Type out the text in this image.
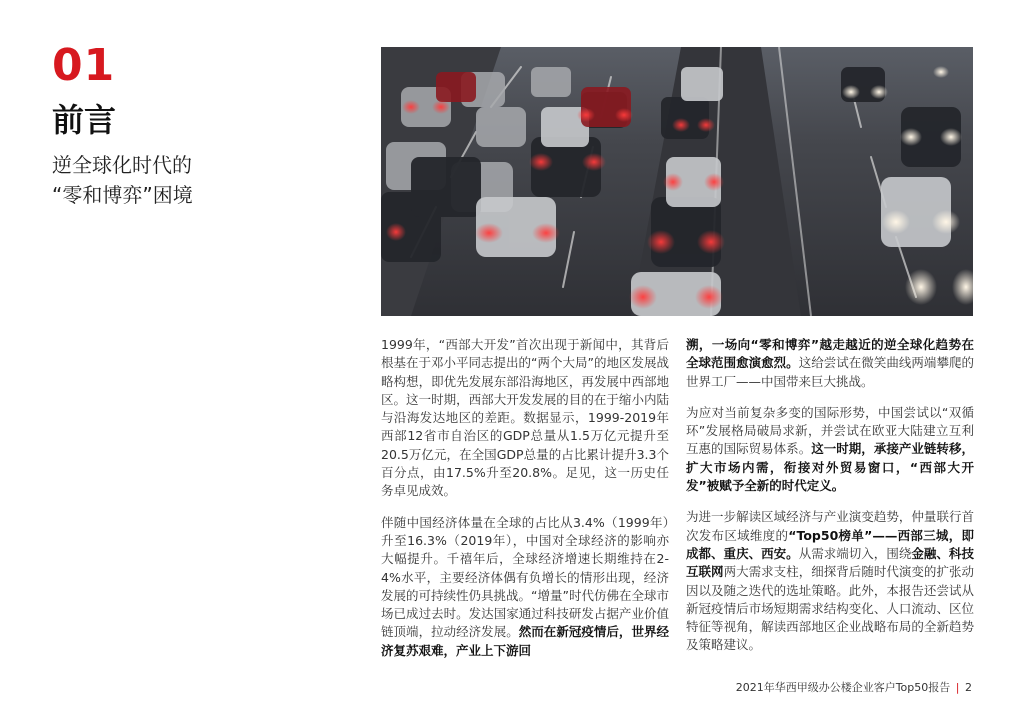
01
前言
逆全球化时代的
“零和博弈”困境

1999年，“西部大开发”首次出现于新闻中，其背后根基在于邓小平同志提出的“两个大局”的地区发展战略构想，即优先发展东部沿海地区，再发展中西部地区。这一时期，西部大开发发展的目的在于缩小内陆与沿海发达地区的差距。数据显示，1999-2019年西部12省市自治区的GDP总量从1.5万亿元提升至20.5万亿元，在全国GDP总量的占比累计提升3.3个百分点，由17.5%升至20.8%。足见，这一历史任务卓见成效。

伴随中国经济体量在全球的占比从3.4%（1999年）升至16.3%（2019年），中国对全球经济的影响亦大幅提升。千禧年后，全球经济增速长期维持在2-4%水平，主要经济体偶有负增长的情形出现，经济发展的可持续性仍具挑战。“增量”时代仿佛在全球市场已成过去时。发达国家通过科技研发占据产业价值链顶端，拉动经济发展。然而在新冠疫情后，世界经济复苏艰难，产业上下游回

溯，一场向“零和博弈”越走越近的逆全球化趋势在全球范围愈演愈烈。这给尝试在微笑曲线两端攀爬的世界工厂——中国带来巨大挑战。

为应对当前复杂多变的国际形势，中国尝试以“双循环”发展格局破局求新，并尝试在欧亚大陆建立互利互惠的国际贸易体系。这一时期，承接产业链转移，扩大市场内需，衔接对外贸易窗口，“西部大开发”被赋予全新的时代定义。

为进一步解读区域经济与产业演变趋势，仲量联行首次发布区域维度的“Top50榜单”——西部三城，即成都、重庆、西安。从需求端切入，围绕金融、科技互联网两大需求支柱，细探背后随时代演变的扩张动因以及随之迭代的选址策略。此外，本报告还尝试从新冠疫情后市场短期需求结构变化、人口流动、区位特征等视角，解读西部地区企业战略布局的全新趋势及策略建议。

2021年华西甲级办公楼企业客户Top50报告 | 2
